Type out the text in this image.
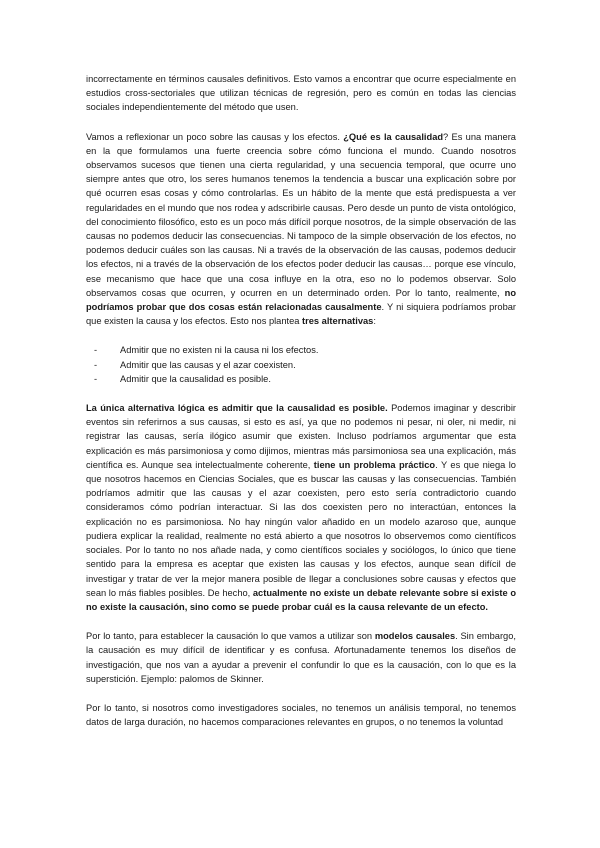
incorrectamente en términos causales definitivos. Esto vamos a encontrar que ocurre especialmente en estudios cross-sectoriales que utilizan técnicas de regresión, pero es común en todas las ciencias sociales independientemente del método que usen.

Vamos a reflexionar un poco sobre las causas y los efectos. ¿Qué es la causalidad? Es una manera en la que formulamos una fuerte creencia sobre cómo funciona el mundo. Cuando nosotros observamos sucesos que tienen una cierta regularidad, y una secuencia temporal, que ocurre uno siempre antes que otro, los seres humanos tenemos la tendencia a buscar una explicación sobre por qué ocurren esas cosas y cómo controlarlas. Es un hábito de la mente que está predispuesta a ver regularidades en el mundo que nos rodea y adscribirle causas. Pero desde un punto de vista ontológico, del conocimiento filosófico, esto es un poco más difícil porque nosotros, de la simple observación de las causas no podemos deducir las consecuencias. Ni tampoco de la simple observación de los efectos, no podemos deducir cuáles son las causas. Ni a través de la observación de las causas, podemos deducir los efectos, ni a través de la observación de los efectos poder deducir las causas… porque ese vínculo, ese mecanismo que hace que una cosa influye en la otra, eso no lo podemos observar. Solo observamos cosas que ocurren, y ocurren en un determinado orden. Por lo tanto, realmente, no podríamos probar que dos cosas están relacionadas causalmente. Y ni siquiera podríamos probar que existen la causa y los efectos. Esto nos plantea tres alternativas:

- Admitir que no existen ni la causa ni los efectos.
- Admitir que las causas y el azar coexisten.
- Admitir que la causalidad es posible.

La única alternativa lógica es admitir que la causalidad es posible. Podemos imaginar y describir eventos sin referirnos a sus causas, si esto es así, ya que no podemos ni pesar, ni oler, ni medir, ni registrar las causas, sería ilógico asumir que existen. Incluso podríamos argumentar que esta explicación es más parsimoniosa y como dijimos, mientras más parsimoniosa sea una explicación, más científica es. Aunque sea intelectualmente coherente, tiene un problema práctico. Y es que niega lo que nosotros hacemos en Ciencias Sociales, que es buscar las causas y las consecuencias. También podríamos admitir que las causas y el azar coexisten, pero esto sería contradictorio cuando consideramos cómo podrían interactuar. Si las dos coexisten pero no interactúan, entonces la explicación no es parsimoniosa. No hay ningún valor añadido en un modelo azaroso que, aunque pudiera explicar la realidad, realmente no está abierto a que nosotros lo observemos como científicos sociales. Por lo tanto no nos añade nada, y como científicos sociales y sociólogos, lo único que tiene sentido para la empresa es aceptar que existen las causas y los efectos, aunque sean difícil de investigar y tratar de ver la mejor manera posible de llegar a conclusiones sobre causas y efectos que sean lo más fiables posibles. De hecho, actualmente no existe un debate relevante sobre si existe o no existe la causación, sino como se puede probar cuál es la causa relevante de un efecto.

Por lo tanto, para establecer la causación lo que vamos a utilizar son modelos causales. Sin embargo, la causación es muy difícil de identificar y es confusa. Afortunadamente tenemos los diseños de investigación, que nos van a ayudar a prevenir el confundir lo que es la causación, con lo que es la superstición. Ejemplo: palomos de Skinner.

Por lo tanto, si nosotros como investigadores sociales, no tenemos un análisis temporal, no tenemos datos de larga duración, no hacemos comparaciones relevantes en grupos, o no tenemos la voluntad
